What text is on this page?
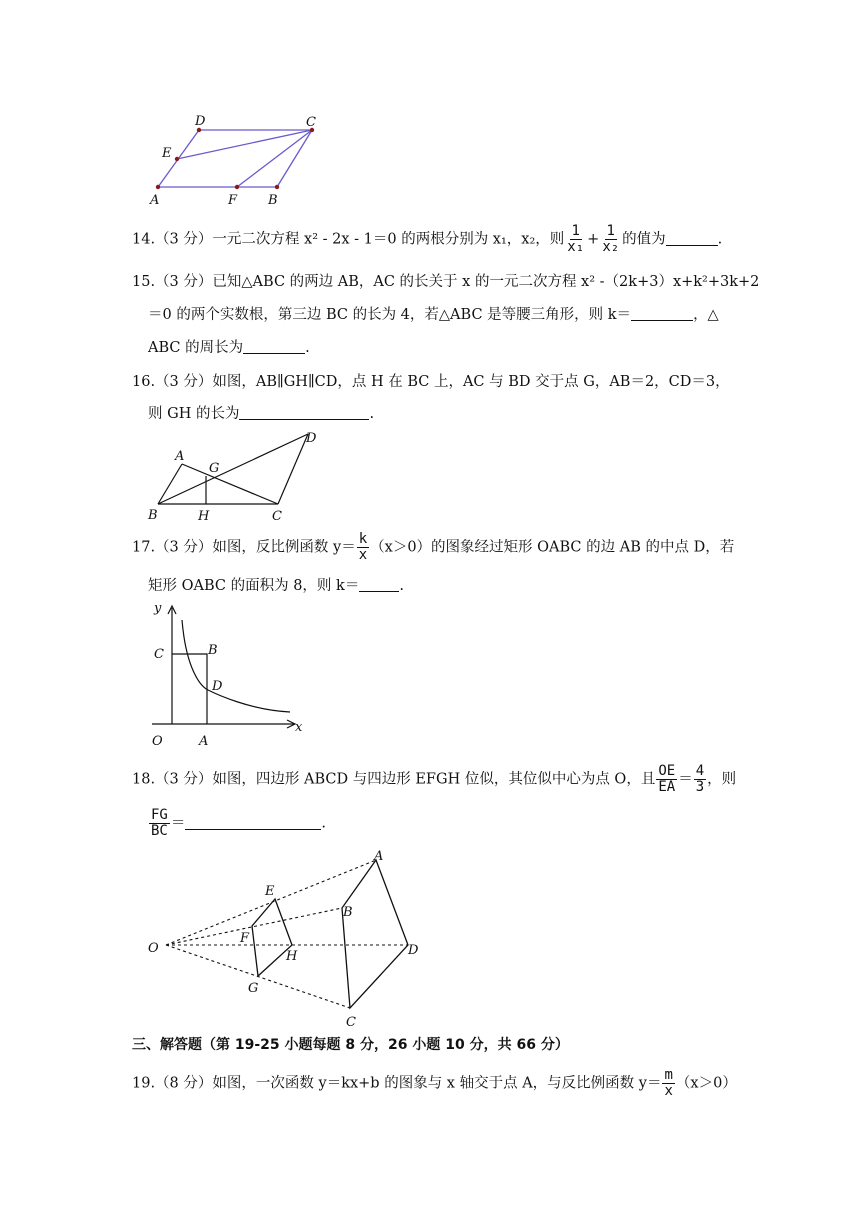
D	C
E
A	F B
14.（3 分）一元二次方程 x² - 2x - 1＝0 的两根分别为 x₁，x₂，则 $\frac{1}{\text{x₁}} + \frac{1}{\text{x₂}}$ 的值为	.
15.（3 分）已知△ABC 的两边 AB，AC 的长关于 x 的一元二次方程 x² -（2k+3）x+k²+3k+2
＝0 的两个实数根，第三边 BC 的长为 4，若△ABC 是等腰三角形，则 k＝	，△
ABC 的周长为	.
16.（3 分）如图，AB∥GH∥CD，点 H 在 BC 上，AC 与 BD 交于点 G，AB＝2，CD＝3，
则 GH 的长为	.
A
G
D
B	H	C
17.（3 分）如图，反比例函数 $y= \frac{k}{x} (x>0)$的图象经过矩形 OABC 的边 AB 的中点 D，若
矩形 OABC 的面积为 8，则 k＝	.
y
x
C	B
D
O	A
18.（3 分）如图，四边形 ABCD 与四边形 EFGH 位似，其位似中心为点 O，且 $\frac{OE}{EA} = \frac{4}{3}$ ，则
$\frac{FG}{BC}$ ＝	.
A
E
B
O
F
H	D
G
C
三、解答题（第 19-25 小题每题 8 分，26 小题 10 分，共 66 分）
19.（8 分）如图，一次函数 y＝kx+b 的图象与 x 轴交于点 A，与反比例函数 $y= \frac{m}{x} (x>0)$
